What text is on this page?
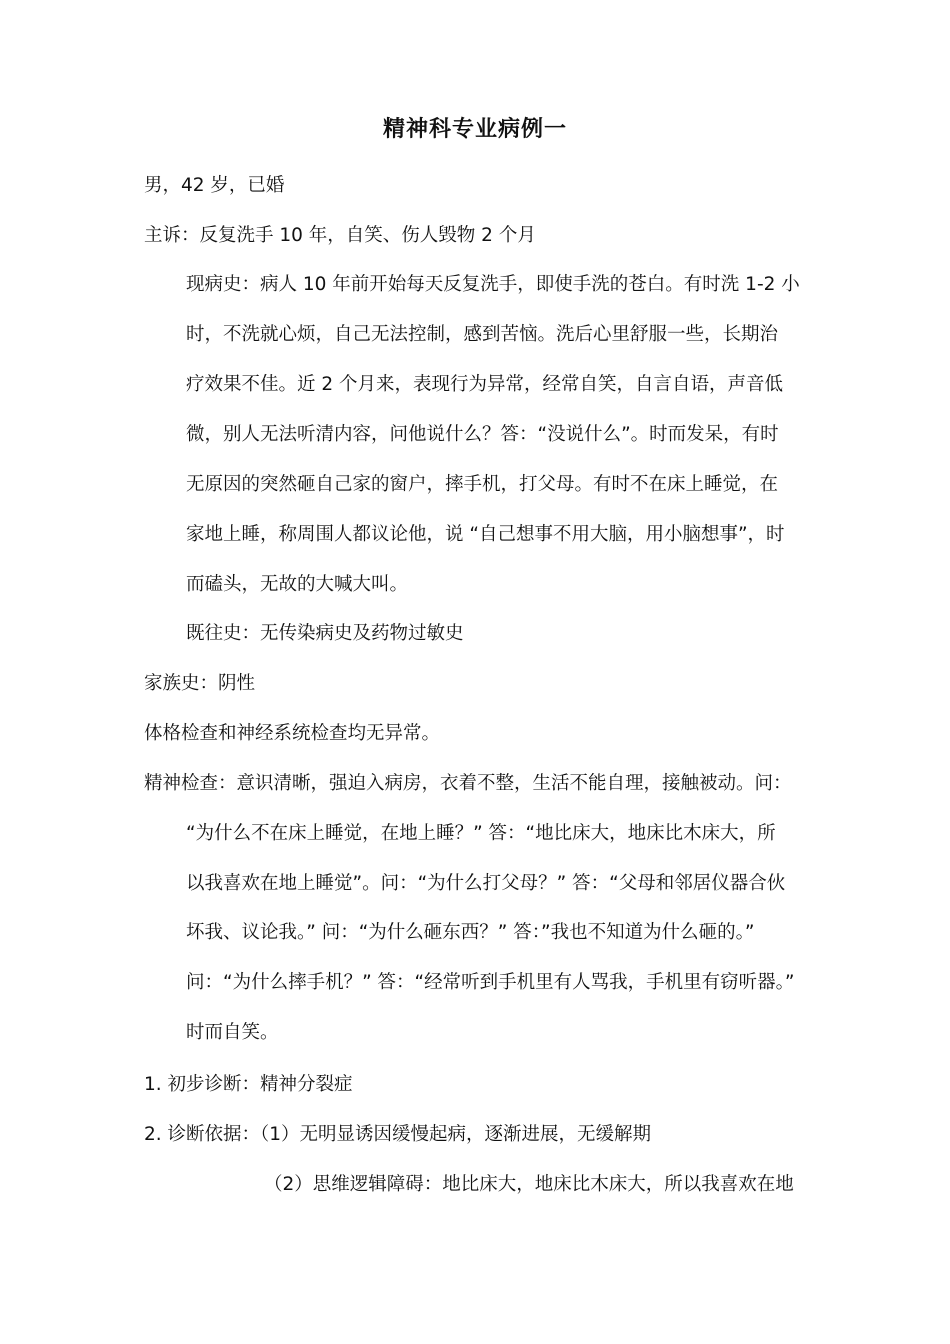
精神科专业病例一
男，42 岁，已婚
主诉：反复洗手 10 年，自笑、伤人毁物 2 个月
现病史：病人 10 年前开始每天反复洗手，即使手洗的苍白。有时洗 1-2 小
时，不洗就心烦，自己无法控制，感到苦恼。洗后心里舒服一些，长期治
疗效果不佳。近 2 个月来，表现行为异常，经常自笑，自言自语，声音低
微，别人无法听清内容，问他说什么？答：“没说什么”。时而发呆，有时
无原因的突然砸自己家的窗户，摔手机，打父母。有时不在床上睡觉，在
家地上睡，称周围人都议论他，说 “自己想事不用大脑，用小脑想事”，时
而磕头，无故的大喊大叫。
既往史：无传染病史及药物过敏史
家族史：阴性
体格检查和神经系统检查均无异常。
精神检查：意识清晰，强迫入病房，衣着不整，生活不能自理，接触被动。问：
“为什么不在床上睡觉，在地上睡？” 答：“地比床大，地床比木床大，所
以我喜欢在地上睡觉”。问：“为什么打父母？” 答：“父母和邻居仪器合伙
坏我、议论我。” 问：“为什么砸东西？” 答：”我也不知道为什么砸的。”
问：“为什么摔手机？” 答：“经常听到手机里有人骂我，手机里有窃听器。”
时而自笑。
1. 初步诊断：精神分裂症
2. 诊断依据：（1）无明显诱因缓慢起病，逐渐进展，无缓解期
（2）思维逻辑障碍：地比床大，地床比木床大，所以我喜欢在地
